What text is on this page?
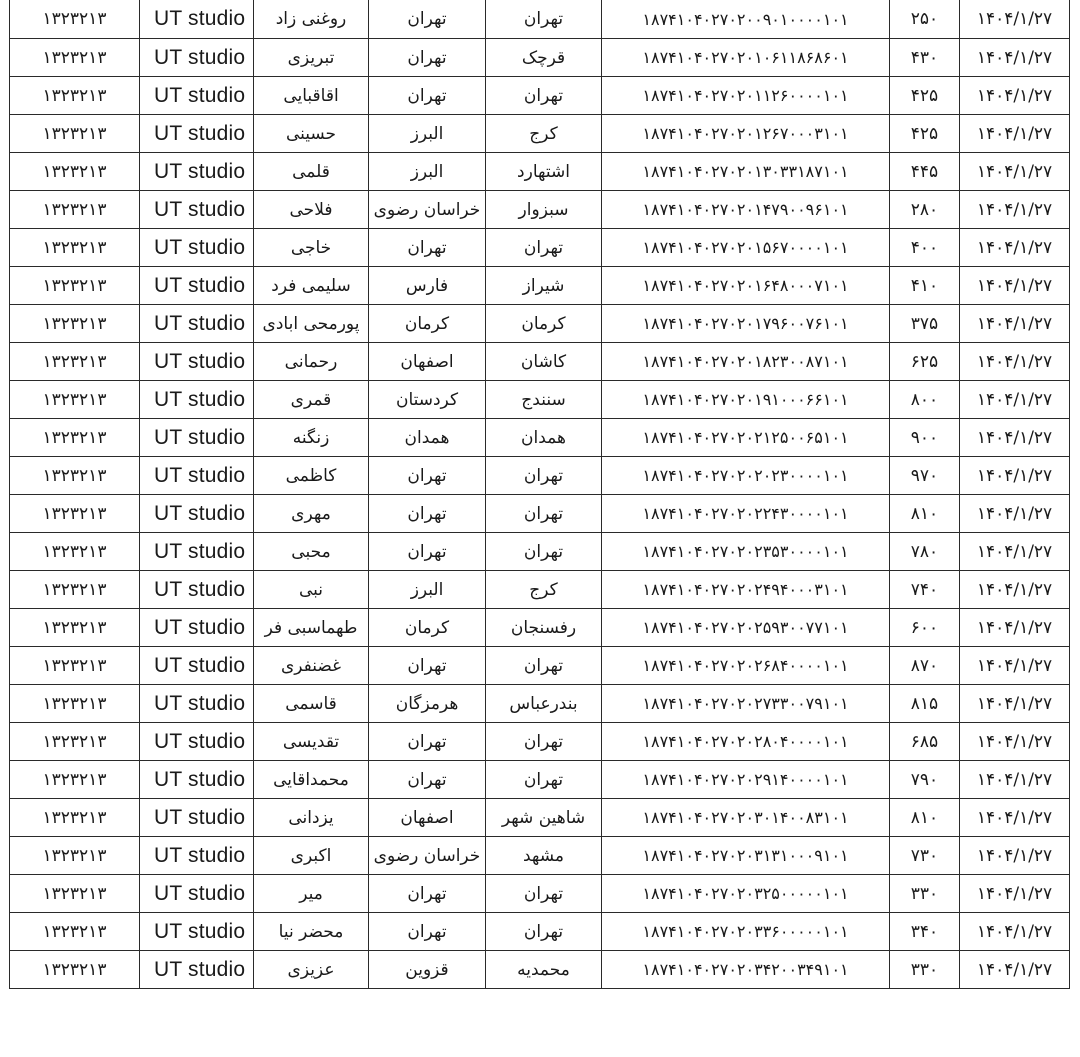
۱۳۲۳۲۱۳	UT studio	روغنی زاد	تهران	تهران	۱۸۷۴۱۰۴۰۲۷۰۲۰۰۹۰۱۰۰۰۰۱۰۱	۲۵۰	۱۴۰۴/۱/۲۷
۱۳۲۳۲۱۳	UT studio	تبریزی	تهران	قرچک	۱۸۷۴۱۰۴۰۲۷۰۲۰۱۰۶۱۱۸۶۸۶۰۱	۴۳۰	۱۴۰۴/۱/۲۷
۱۳۲۳۲۱۳	UT studio	اقاقبایی	تهران	تهران	۱۸۷۴۱۰۴۰۲۷۰۲۰۱۱۲۶۰۰۰۰۱۰۱	۴۲۵	۱۴۰۴/۱/۲۷
۱۳۲۳۲۱۳	UT studio	حسینی	البرز	کرج	۱۸۷۴۱۰۴۰۲۷۰۲۰۱۲۶۷۰۰۰۳۱۰۱	۴۲۵	۱۴۰۴/۱/۲۷
۱۳۲۳۲۱۳	UT studio	قلمی	البرز	اشتهارد	۱۸۷۴۱۰۴۰۲۷۰۲۰۱۳۰۳۳۱۸۷۱۰۱	۴۴۵	۱۴۰۴/۱/۲۷
۱۳۲۳۲۱۳	UT studio	فلاحی	خراسان رضوی	سبزوار	۱۸۷۴۱۰۴۰۲۷۰۲۰۱۴۷۹۰۰۹۶۱۰۱	۲۸۰	۱۴۰۴/۱/۲۷
۱۳۲۳۲۱۳	UT studio	خاجی	تهران	تهران	۱۸۷۴۱۰۴۰۲۷۰۲۰۱۵۶۷۰۰۰۰۱۰۱	۴۰۰	۱۴۰۴/۱/۲۷
۱۳۲۳۲۱۳	UT studio	سلیمی فرد	فارس	شیراز	۱۸۷۴۱۰۴۰۲۷۰۲۰۱۶۴۸۰۰۰۷۱۰۱	۴۱۰	۱۴۰۴/۱/۲۷
۱۳۲۳۲۱۳	UT studio	پورمحی ابادی	کرمان	کرمان	۱۸۷۴۱۰۴۰۲۷۰۲۰۱۷۹۶۰۰۷۶۱۰۱	۳۷۵	۱۴۰۴/۱/۲۷
۱۳۲۳۲۱۳	UT studio	رحمانی	اصفهان	کاشان	۱۸۷۴۱۰۴۰۲۷۰۲۰۱۸۲۳۰۰۸۷۱۰۱	۶۲۵	۱۴۰۴/۱/۲۷
۱۳۲۳۲۱۳	UT studio	قمری	کردستان	سنندج	۱۸۷۴۱۰۴۰۲۷۰۲۰۱۹۱۰۰۰۶۶۱۰۱	۸۰۰	۱۴۰۴/۱/۲۷
۱۳۲۳۲۱۳	UT studio	زنگنه	همدان	همدان	۱۸۷۴۱۰۴۰۲۷۰۲۰۲۱۲۵۰۰۶۵۱۰۱	۹۰۰	۱۴۰۴/۱/۲۷
۱۳۲۳۲۱۳	UT studio	کاظمی	تهران	تهران	۱۸۷۴۱۰۴۰۲۷۰۲۰۲۰۲۳۰۰۰۰۱۰۱	۹۷۰	۱۴۰۴/۱/۲۷
۱۳۲۳۲۱۳	UT studio	مهری	تهران	تهران	۱۸۷۴۱۰۴۰۲۷۰۲۰۲۲۴۳۰۰۰۰۱۰۱	۸۱۰	۱۴۰۴/۱/۲۷
۱۳۲۳۲۱۳	UT studio	محبی	تهران	تهران	۱۸۷۴۱۰۴۰۲۷۰۲۰۲۳۵۳۰۰۰۰۱۰۱	۷۸۰	۱۴۰۴/۱/۲۷
۱۳۲۳۲۱۳	UT studio	نبی	البرز	کرج	۱۸۷۴۱۰۴۰۲۷۰۲۰۲۴۹۴۰۰۰۳۱۰۱	۷۴۰	۱۴۰۴/۱/۲۷
۱۳۲۳۲۱۳	UT studio	طهماسبی فر	کرمان	رفسنجان	۱۸۷۴۱۰۴۰۲۷۰۲۰۲۵۹۳۰۰۷۷۱۰۱	۶۰۰	۱۴۰۴/۱/۲۷
۱۳۲۳۲۱۳	UT studio	غضنفری	تهران	تهران	۱۸۷۴۱۰۴۰۲۷۰۲۰۲۶۸۴۰۰۰۰۱۰۱	۸۷۰	۱۴۰۴/۱/۲۷
۱۳۲۳۲۱۳	UT studio	قاسمی	هرمزگان	بندرعباس	۱۸۷۴۱۰۴۰۲۷۰۲۰۲۷۳۳۰۰۷۹۱۰۱	۸۱۵	۱۴۰۴/۱/۲۷
۱۳۲۳۲۱۳	UT studio	تقدیسی	تهران	تهران	۱۸۷۴۱۰۴۰۲۷۰۲۰۲۸۰۴۰۰۰۰۱۰۱	۶۸۵	۱۴۰۴/۱/۲۷
۱۳۲۳۲۱۳	UT studio	محمداقایی	تهران	تهران	۱۸۷۴۱۰۴۰۲۷۰۲۰۲۹۱۴۰۰۰۰۱۰۱	۷۹۰	۱۴۰۴/۱/۲۷
۱۳۲۳۲۱۳	UT studio	یزدانی	اصفهان	شاهین شهر	۱۸۷۴۱۰۴۰۲۷۰۲۰۳۰۱۴۰۰۸۳۱۰۱	۸۱۰	۱۴۰۴/۱/۲۷
۱۳۲۳۲۱۳	UT studio	اکبری	خراسان رضوی	مشهد	۱۸۷۴۱۰۴۰۲۷۰۲۰۳۱۳۱۰۰۰۹۱۰۱	۷۳۰	۱۴۰۴/۱/۲۷
۱۳۲۳۲۱۳	UT studio	میر	تهران	تهران	۱۸۷۴۱۰۴۰۲۷۰۲۰۳۲۵۰۰۰۰۰۱۰۱	۳۳۰	۱۴۰۴/۱/۲۷
۱۳۲۳۲۱۳	UT studio	محضر نیا	تهران	تهران	۱۸۷۴۱۰۴۰۲۷۰۲۰۳۳۶۰۰۰۰۰۱۰۱	۳۴۰	۱۴۰۴/۱/۲۷
۱۳۲۳۲۱۳	UT studio	عزیزی	قزوین	محمدیه	۱۸۷۴۱۰۴۰۲۷۰۲۰۳۴۲۰۰۳۴۹۱۰۱	۳۳۰	۱۴۰۴/۱/۲۷
